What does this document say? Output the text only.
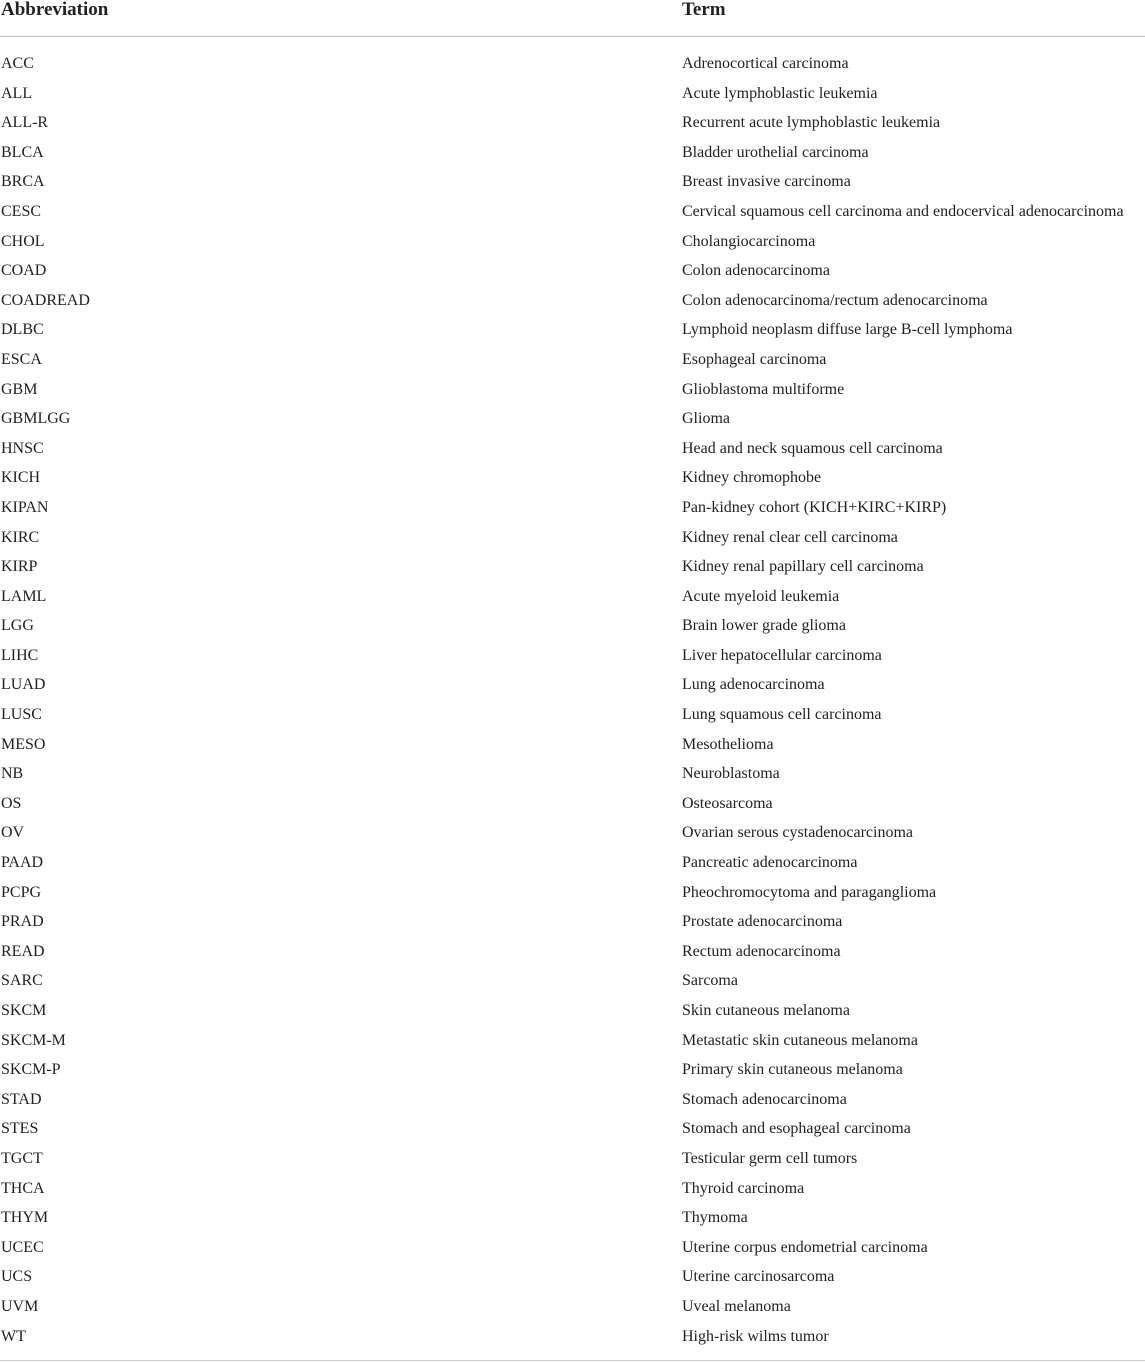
Abbreviation	Term
ACC	Adrenocortical carcinoma
ALL	Acute lymphoblastic leukemia
ALL-R	Recurrent acute lymphoblastic leukemia
BLCA	Bladder urothelial carcinoma
BRCA	Breast invasive carcinoma
CESC	Cervical squamous cell carcinoma and endocervical adenocarcinoma
CHOL	Cholangiocarcinoma
COAD	Colon adenocarcinoma
COADREAD	Colon adenocarcinoma/rectum adenocarcinoma
DLBC	Lymphoid neoplasm diffuse large B-cell lymphoma
ESCA	Esophageal carcinoma
GBM	Glioblastoma multiforme
GBMLGG	Glioma
HNSC	Head and neck squamous cell carcinoma
KICH	Kidney chromophobe
KIPAN	Pan-kidney cohort (KICH+KIRC+KIRP)
KIRC	Kidney renal clear cell carcinoma
KIRP	Kidney renal papillary cell carcinoma
LAML	Acute myeloid leukemia
LGG	Brain lower grade glioma
LIHC	Liver hepatocellular carcinoma
LUAD	Lung adenocarcinoma
LUSC	Lung squamous cell carcinoma
MESO	Mesothelioma
NB	Neuroblastoma
OS	Osteosarcoma
OV	Ovarian serous cystadenocarcinoma
PAAD	Pancreatic adenocarcinoma
PCPG	Pheochromocytoma and paraganglioma
PRAD	Prostate adenocarcinoma
READ	Rectum adenocarcinoma
SARC	Sarcoma
SKCM	Skin cutaneous melanoma
SKCM-M	Metastatic skin cutaneous melanoma
SKCM-P	Primary skin cutaneous melanoma
STAD	Stomach adenocarcinoma
STES	Stomach and esophageal carcinoma
TGCT	Testicular germ cell tumors
THCA	Thyroid carcinoma
THYM	Thymoma
UCEC	Uterine corpus endometrial carcinoma
UCS	Uterine carcinosarcoma
UVM	Uveal melanoma
WT	High-risk wilms tumor
